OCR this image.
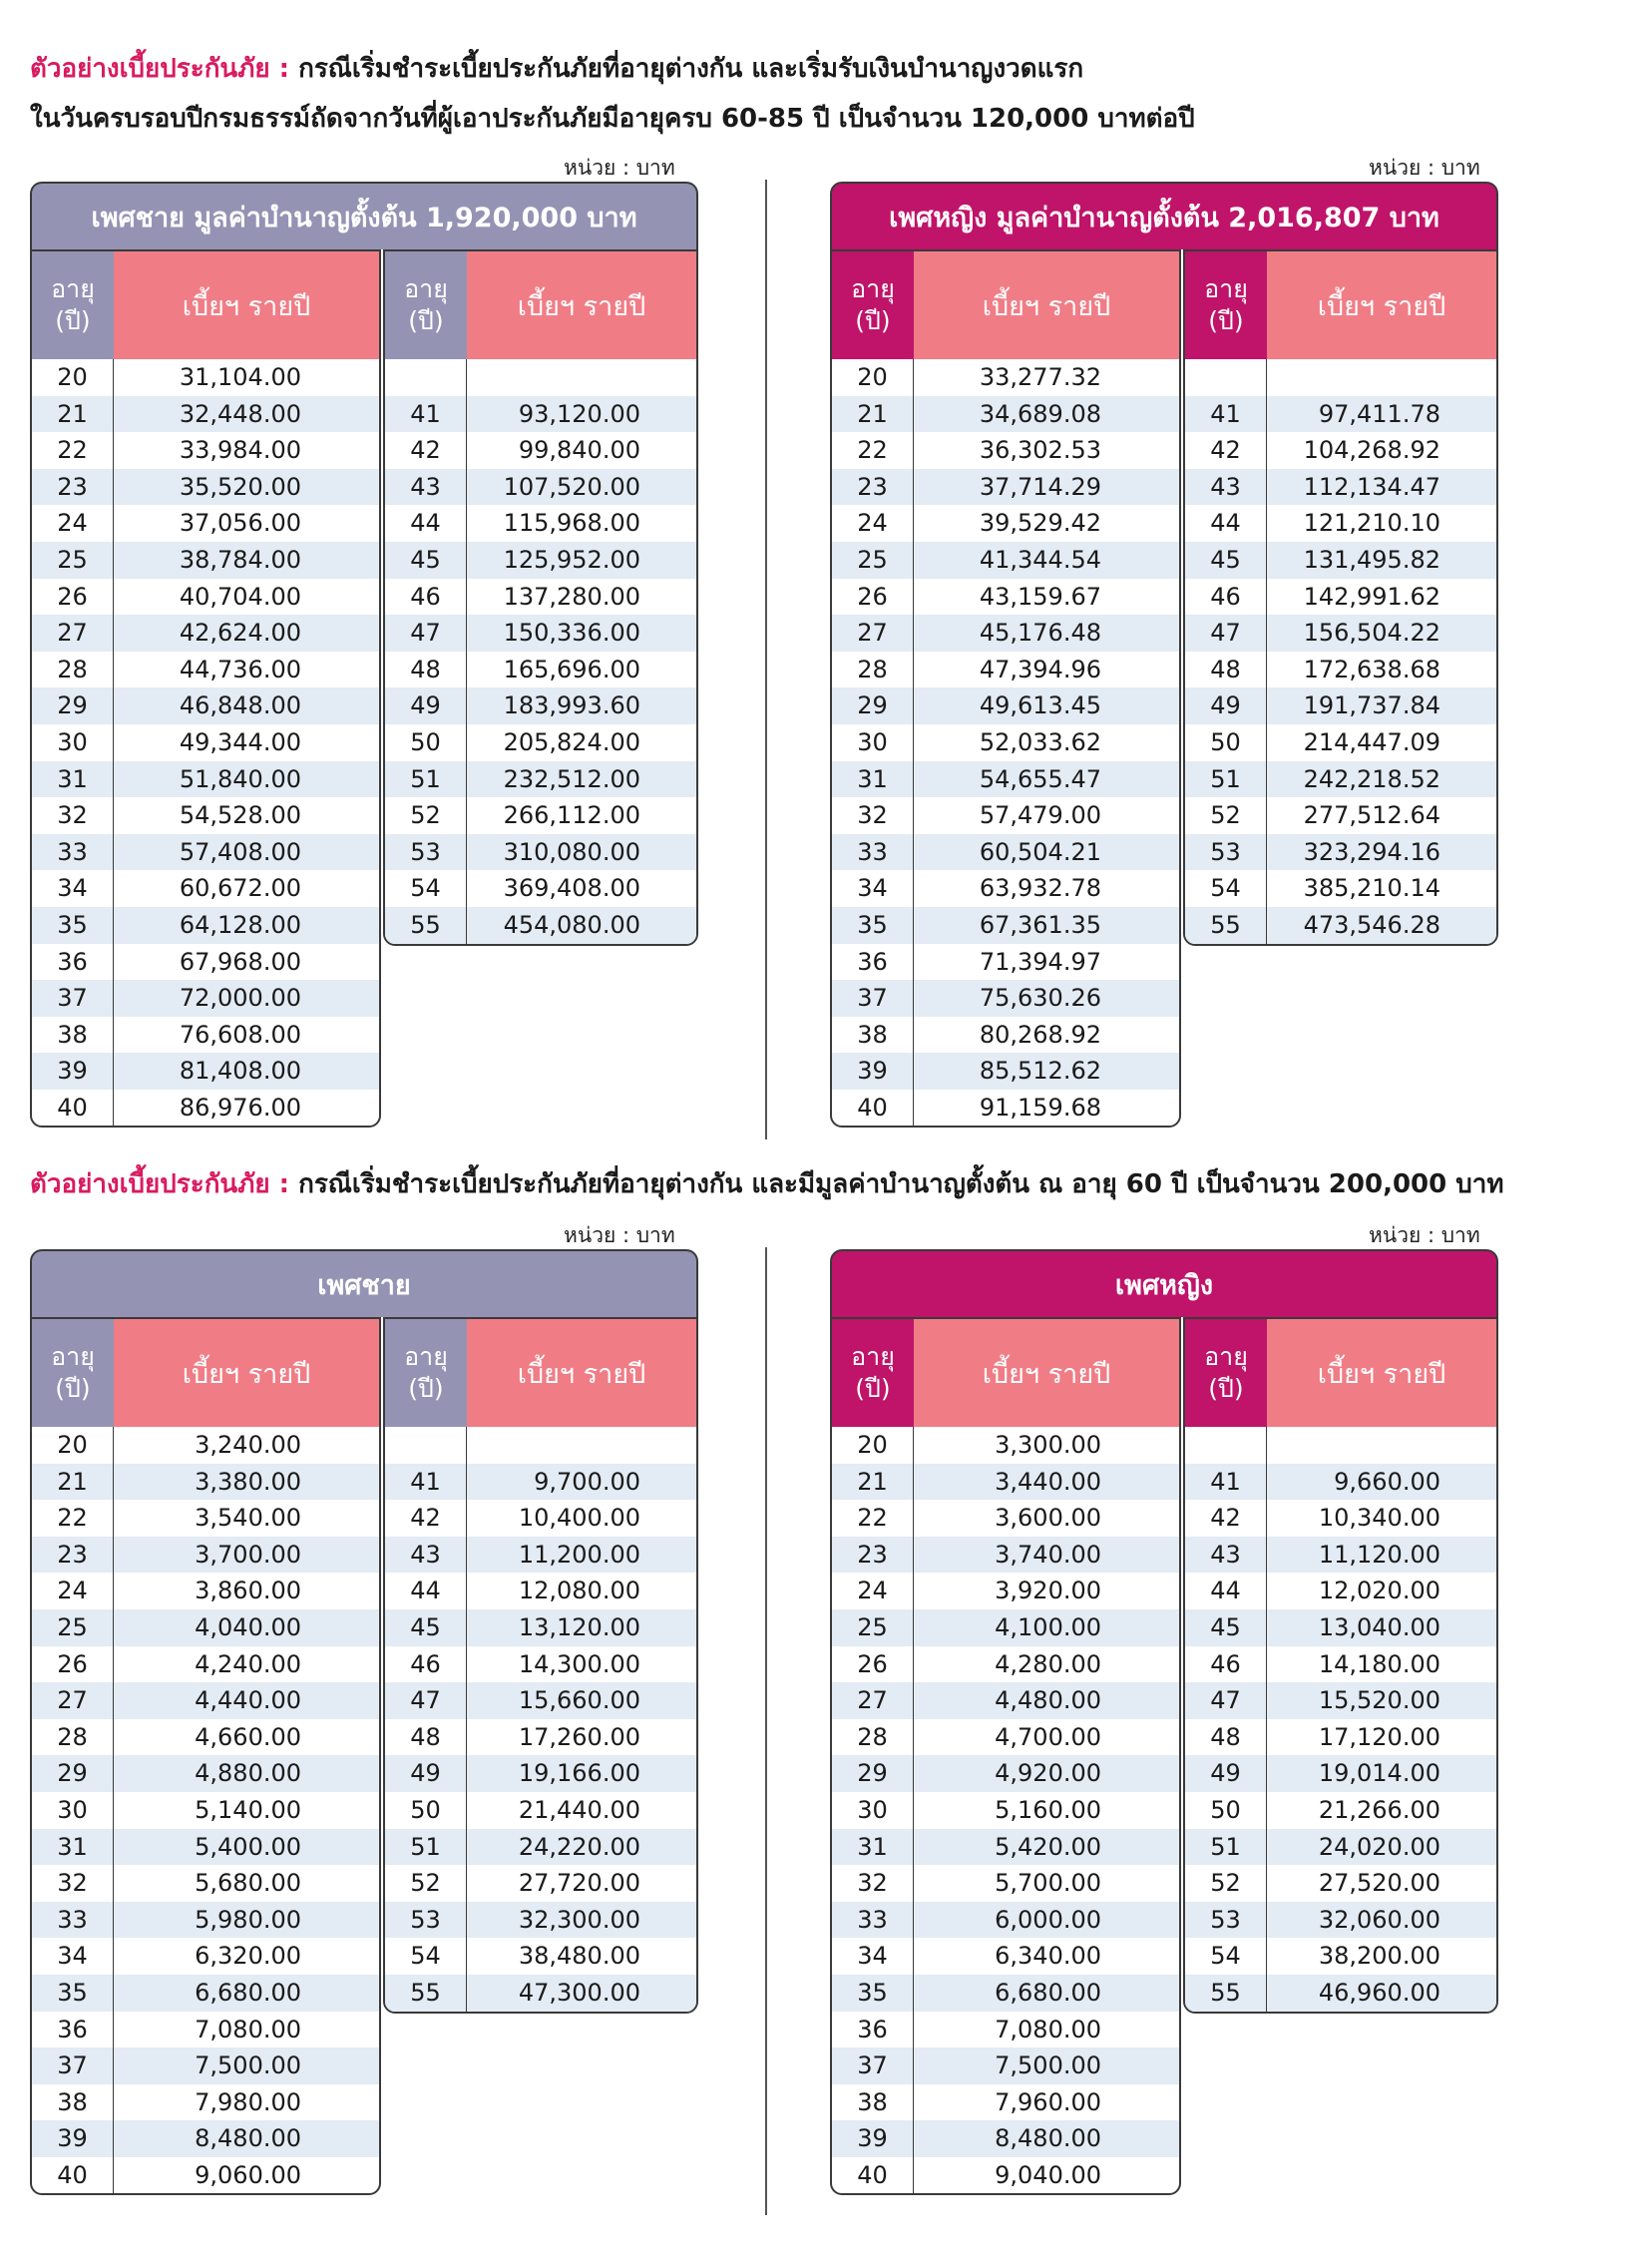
ตัวอย่างเบี้ยประกันภัย : กรณีเริ่มชำระเบี้ยประกันภัยที่อายุต่างกัน และเริ่มรับเงินบำนาญงวดแรก
ในวันครบรอบปีกรมธรรม์ถัดจากวันที่ผู้เอาประกันภัยมีอายุครบ 60-85 ปี เป็นจำนวน 120,000 บาทต่อปี
หน่วย : บาท	หน่วย : บาท
ตัวอย่างเบี้ยประกันภัย : กรณีเริ่มชำระเบี้ยประกันภัยที่อายุต่างกัน และมีมูลค่าบำนาญตั้งต้น ณ อายุ 60 ปี เป็นจำนวน 200,000 บาท
หน่วย : บาท	หน่วย : บาท
เพศชาย มูลค่าบำนาญตั้งต้น 1,920,000 บาท
อายุ (ปี)	เบี้ยฯ รายปี
20	31,104.00
21	32,448.00
22	33,984.00
23	35,520.00
24	37,056.00
25	38,784.00
26	40,704.00
27	42,624.00
28	44,736.00
29	46,848.00
30	49,344.00
31	51,840.00
32	54,528.00
33	57,408.00
34	60,672.00
35	64,128.00
36	67,968.00
37	72,000.00
38	76,608.00
39	81,408.00
40	86,976.00
อายุ (ปี)	เบี้ยฯ รายปี
41	93,120.00
42	99,840.00
43	107,520.00
44	115,968.00
45	125,952.00
46	137,280.00
47	150,336.00
48	165,696.00
49	183,993.60
50	205,824.00
51	232,512.00
52	266,112.00
53	310,080.00
54	369,408.00
55	454,080.00
เพศหญิง มูลค่าบำนาญตั้งต้น 2,016,807 บาท
อายุ (ปี)	เบี้ยฯ รายปี
20	33,277.32
21	34,689.08
22	36,302.53
23	37,714.29
24	39,529.42
25	41,344.54
26	43,159.67
27	45,176.48
28	47,394.96
29	49,613.45
30	52,033.62
31	54,655.47
32	57,479.00
33	60,504.21
34	63,932.78
35	67,361.35
36	71,394.97
37	75,630.26
38	80,268.92
39	85,512.62
40	91,159.68
อายุ (ปี)	เบี้ยฯ รายปี
41	97,411.78
42	104,268.92
43	112,134.47
44	121,210.10
45	131,495.82
46	142,991.62
47	156,504.22
48	172,638.68
49	191,737.84
50	214,447.09
51	242,218.52
52	277,512.64
53	323,294.16
54	385,210.14
55	473,546.28
เพศชาย
อายุ (ปี)	เบี้ยฯ รายปี
20	3,240.00
21	3,380.00
22	3,540.00
23	3,700.00
24	3,860.00
25	4,040.00
26	4,240.00
27	4,440.00
28	4,660.00
29	4,880.00
30	5,140.00
31	5,400.00
32	5,680.00
33	5,980.00
34	6,320.00
35	6,680.00
36	7,080.00
37	7,500.00
38	7,980.00
39	8,480.00
40	9,060.00
อายุ (ปี)	เบี้ยฯ รายปี
41	9,700.00
42	10,400.00
43	11,200.00
44	12,080.00
45	13,120.00
46	14,300.00
47	15,660.00
48	17,260.00
49	19,166.00
50	21,440.00
51	24,220.00
52	27,720.00
53	32,300.00
54	38,480.00
55	47,300.00
เพศหญิง
อายุ (ปี)	เบี้ยฯ รายปี
20	3,300.00
21	3,440.00
22	3,600.00
23	3,740.00
24	3,920.00
25	4,100.00
26	4,280.00
27	4,480.00
28	4,700.00
29	4,920.00
30	5,160.00
31	5,420.00
32	5,700.00
33	6,000.00
34	6,340.00
35	6,680.00
36	7,080.00
37	7,500.00
38	7,960.00
39	8,480.00
40	9,040.00
อายุ (ปี)	เบี้ยฯ รายปี
41	9,660.00
42	10,340.00
43	11,120.00
44	12,020.00
45	13,040.00
46	14,180.00
47	15,520.00
48	17,120.00
49	19,014.00
50	21,266.00
51	24,020.00
52	27,520.00
53	32,060.00
54	38,200.00
55	46,960.00
